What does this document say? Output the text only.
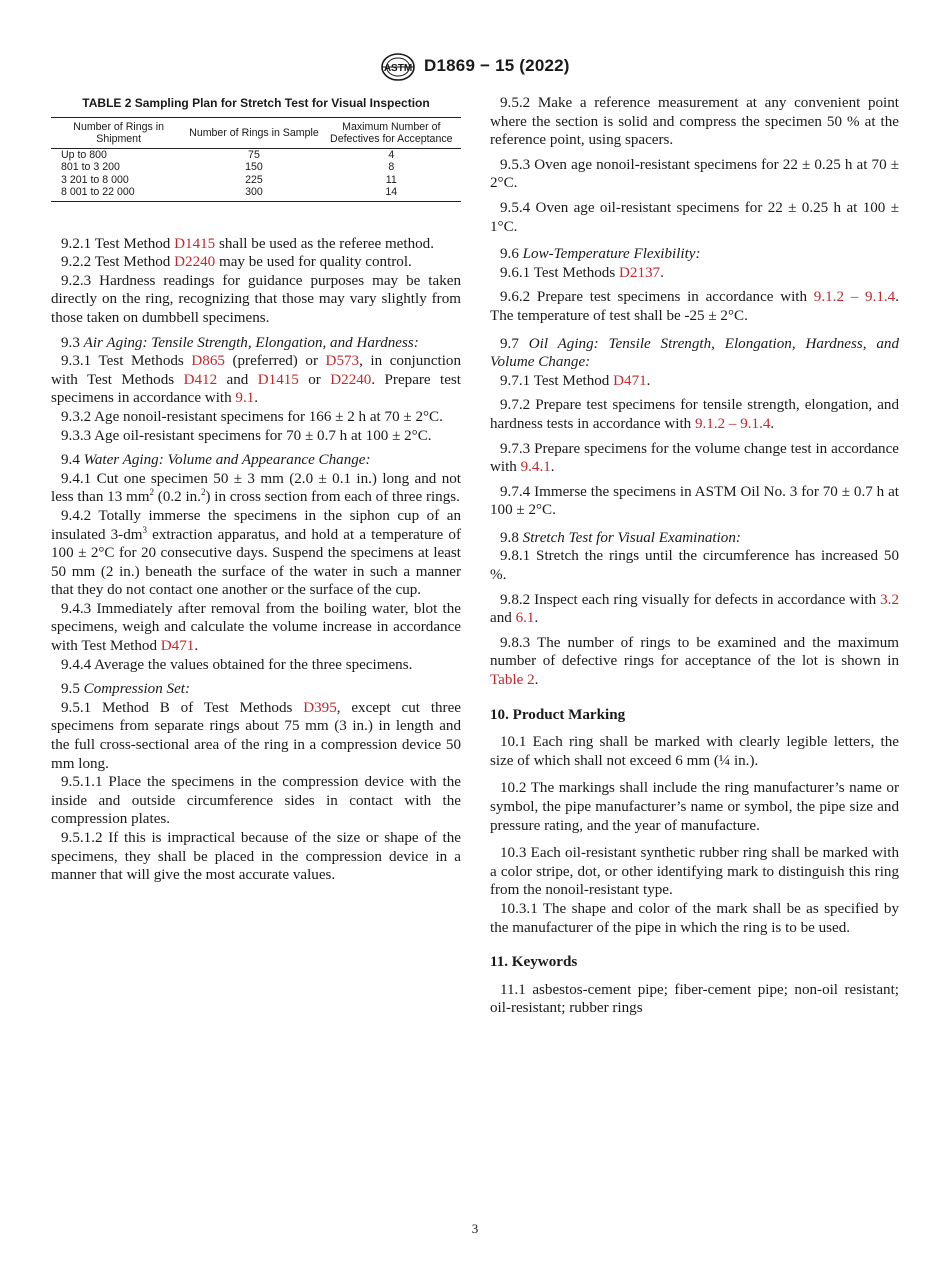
ASTM D1869 − 15 (2022)

TABLE 2 Sampling Plan for Stretch Test for Visual Inspection

Number of Rings in Shipment	Number of Rings in Sample	Maximum Number of Defectives for Acceptance
Up to 800	75	4
801 to 3 200	150	8
3 201 to 8 000	225	11
8 001 to 22 000	300	14

9.2.1 Test Method D1415 shall be used as the referee method.

9.2.2 Test Method D2240 may be used for quality control.

9.2.3 Hardness readings for guidance purposes may be taken directly on the ring, recognizing that those may vary slightly from those taken on dumbbell specimens.

9.3 Air Aging: Tensile Strength, Elongation, and Hardness:

9.3.1 Test Methods D865 (preferred) or D573, in conjunction with Test Methods D412 and D1415 or D2240. Prepare test specimens in accordance with 9.1.

9.3.2 Age nonoil-resistant specimens for 166 ± 2 h at 70 ± 2°C.

9.3.3 Age oil-resistant specimens for 70 ± 0.7 h at 100 ± 2°C.

9.4 Water Aging: Volume and Appearance Change:

9.4.1 Cut one specimen 50 ± 3 mm (2.0 ± 0.1 in.) long and not less than 13 $mm^2$ (0.2 in.$^2$) in cross section from each of three rings.

9.4.2 Totally immerse the specimens in the siphon cup of an insulated $3-dm^3$ extraction apparatus, and hold at a temperature of 100 ± 2°C for 20 consecutive days. Suspend the specimens at least 50 mm (2 in.) beneath the surface of the water in such a manner that they do not contact one another or the surface of the cup.

9.4.3 Immediately after removal from the boiling water, blot the specimens, weigh and calculate the volume increase in accordance with Test Method D471.

9.4.4 Average the values obtained for the three specimens.

9.5 Compression Set:

9.5.1 Method B of Test Methods D395, except cut three specimens from separate rings about 75 mm (3 in.) in length and the full cross-sectional area of the ring in a compression device 50 mm long.

9.5.1.1 Place the specimens in the compression device with the inside and outside circumference sides in contact with the compression plates.

9.5.1.2 If this is impractical because of the size or shape of the specimens, they shall be placed in the compression device in a manner that will give the most accurate values.

9.5.2 Make a reference measurement at any convenient point where the section is solid and compress the specimen 50 % at the reference point, using spacers.

9.5.3 Oven age nonoil-resistant specimens for 22 ± 0.25 h at 70 ± 2°C.

9.5.4 Oven age oil-resistant specimens for 22 ± 0.25 h at 100 ± 1°C.

9.6 Low-Temperature Flexibility:

9.6.1 Test Methods D2137.

9.6.2 Prepare test specimens in accordance with 9.1.2 – 9.1.4. The temperature of test shall be -25 ± 2°C.

9.7 Oil Aging: Tensile Strength, Elongation, Hardness, and Volume Change:

9.7.1 Test Method D471.

9.7.2 Prepare test specimens for tensile strength, elongation, and hardness tests in accordance with 9.1.2 – 9.1.4.

9.7.3 Prepare specimens for the volume change test in accordance with 9.4.1.

9.7.4 Immerse the specimens in ASTM Oil No. 3 for 70 ± 0.7 h at 100 ± 2°C.

9.8 Stretch Test for Visual Examination:

9.8.1 Stretch the rings until the circumference has increased 50 %.

9.8.2 Inspect each ring visually for defects in accordance with 3.2 and 6.1.

9.8.3 The number of rings to be examined and the maximum number of defective rings for acceptance of the lot is shown in Table 2.

10. Product Marking

10.1 Each ring shall be marked with clearly legible letters, the size of which shall not exceed 6 mm (¼ in.).

10.2 The markings shall include the ring manufacturer’s name or symbol, the pipe manufacturer’s name or symbol, the pipe size and pressure rating, and the year of manufacture.

10.3 Each oil-resistant synthetic rubber ring shall be marked with a color stripe, dot, or other identifying mark to distinguish this ring from the nonoil-resistant type.

10.3.1 The shape and color of the mark shall be as specified by the manufacturer of the pipe in which the ring is to be used.

11. Keywords

11.1 asbestos-cement pipe; fiber-cement pipe; non-oil resistant; oil-resistant; rubber rings

3
